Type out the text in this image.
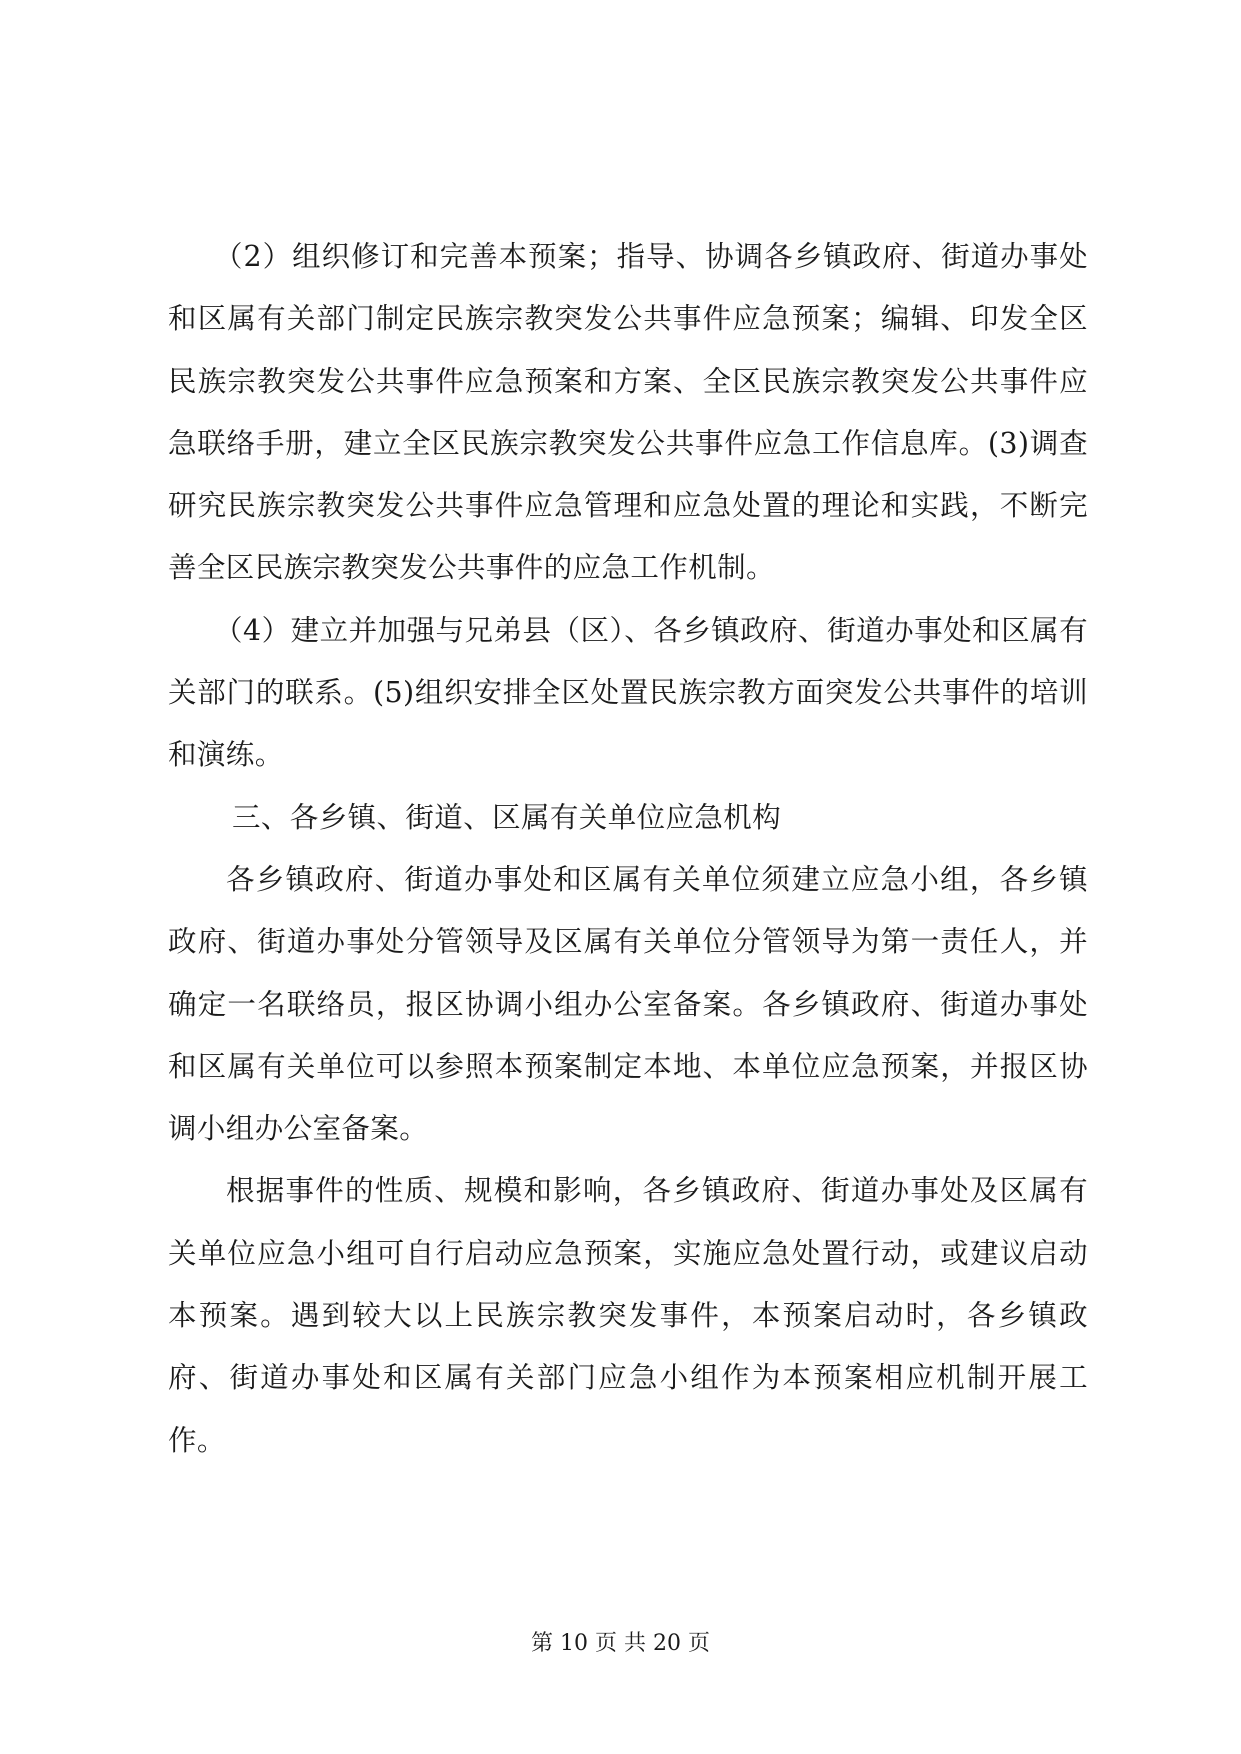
（2）组织修订和完善本预案；指导、协调各乡镇政府、街道办事处和区属有关部门制定民族宗教突发公共事件应急预案；编辑、印发全区民族宗教突发公共事件应急预案和方案、全区民族宗教突发公共事件应急联络手册，建立全区民族宗教突发公共事件应急工作信息库。(3)调查研究民族宗教突发公共事件应急管理和应急处置的理论和实践，不断完善全区民族宗教突发公共事件的应急工作机制。

（4）建立并加强与兄弟县（区）、各乡镇政府、街道办事处和区属有关部门的联系。(5)组织安排全区处置民族宗教方面突发公共事件的培训和演练。

三、各乡镇、街道、区属有关单位应急机构

各乡镇政府、街道办事处和区属有关单位须建立应急小组，各乡镇政府、街道办事处分管领导及区属有关单位分管领导为第一责任人，并确定一名联络员，报区协调小组办公室备案。各乡镇政府、街道办事处和区属有关单位可以参照本预案制定本地、本单位应急预案，并报区协调小组办公室备案。

根据事件的性质、规模和影响，各乡镇政府、街道办事处及区属有关单位应急小组可自行启动应急预案，实施应急处置行动，或建议启动本预案。遇到较大以上民族宗教突发事件，本预案启动时，各乡镇政府、街道办事处和区属有关部门应急小组作为本预案相应机制开展工作。

第 10 页 共 20 页
